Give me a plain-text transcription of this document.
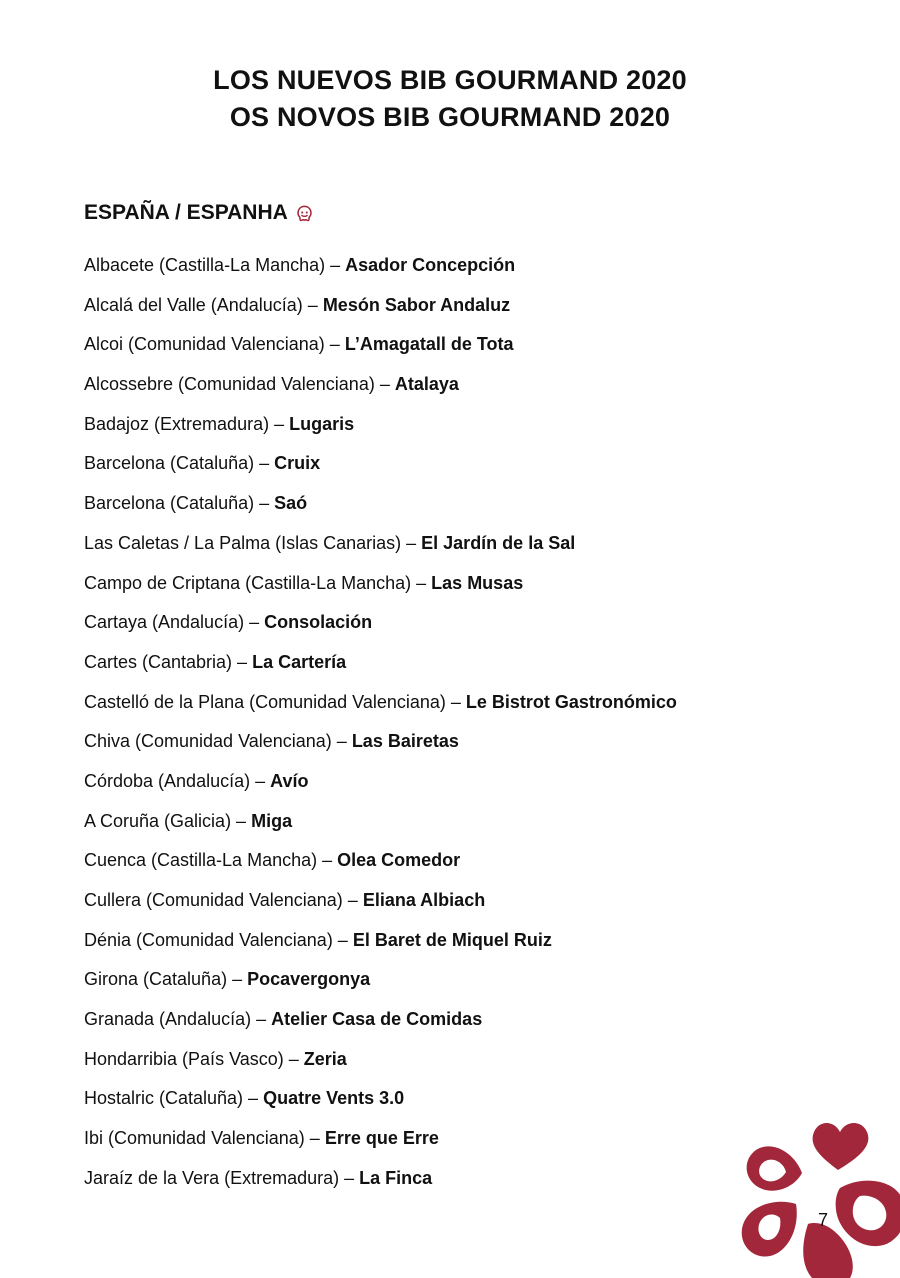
LOS NUEVOS BIB GOURMAND 2020
OS NOVOS BIB GOURMAND 2020
ESPAÑA / ESPANHA
Albacete (Castilla-La Mancha) – Asador Concepción
Alcalá del Valle (Andalucía) – Mesón Sabor Andaluz
Alcoi (Comunidad Valenciana) – L’Amagatall de Tota
Alcossebre (Comunidad Valenciana) – Atalaya
Badajoz (Extremadura) – Lugaris
Barcelona (Cataluña) – Cruix
Barcelona (Cataluña) – Saó
Las Caletas / La Palma (Islas Canarias) – El Jardín de la Sal
Campo de Criptana (Castilla-La Mancha) – Las Musas
Cartaya (Andalucía) – Consolación
Cartes (Cantabria) – La Cartería
Castelló de la Plana (Comunidad Valenciana) – Le Bistrot Gastronómico
Chiva (Comunidad Valenciana) – Las Bairetas
Córdoba (Andalucía) – Avío
A Coruña (Galicia) – Miga
Cuenca (Castilla-La Mancha) – Olea Comedor
Cullera (Comunidad Valenciana) – Eliana Albiach
Dénia (Comunidad Valenciana) – El Baret de Miquel Ruiz
Girona (Cataluña) – Pocavergonya
Granada (Andalucía) – Atelier Casa de Comidas
Hondarribia (País Vasco) – Zeria
Hostalric (Cataluña) – Quatre Vents 3.0
Ibi (Comunidad Valenciana) – Erre que Erre
Jaraíz de la Vera (Extremadura) – La Finca
7
